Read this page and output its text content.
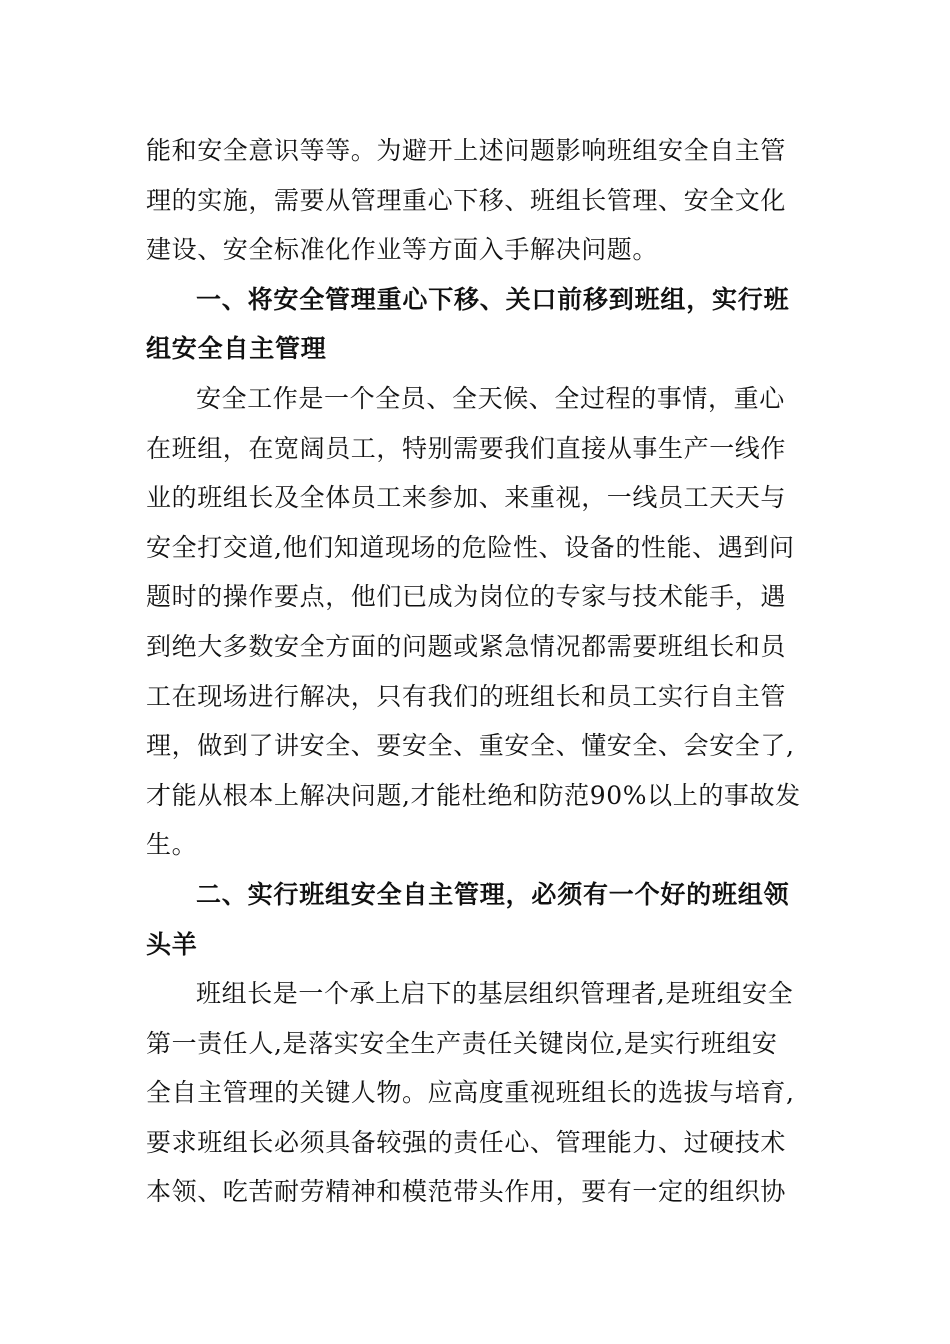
能和安全意识等等。为避开上述问题影响班组安全自主管
理的实施，需要从管理重心下移、班组长管理、安全文化
建设、安全标准化作业等方面入手解决问题。
一、将安全管理重心下移、关口前移到班组，实行班
组安全自主管理
安全工作是一个全员、全天候、全过程的事情，重心
在班组，在宽阔员工，特别需要我们直接从事生产一线作
业的班组长及全体员工来参加、来重视，一线员工天天与
安全打交道,他们知道现场的危险性、设备的性能、遇到问
题时的操作要点，他们已成为岗位的专家与技术能手，遇
到绝大多数安全方面的问题或紧急情况都需要班组长和员
工在现场进行解决，只有我们的班组长和员工实行自主管
理，做到了讲安全、要安全、重安全、懂安全、会安全了,
才能从根本上解决问题,才能杜绝和防范90%以上的事故发
生。
二、实行班组安全自主管理，必须有一个好的班组领
头羊
班组长是一个承上启下的基层组织管理者,是班组安全
第一责任人,是落实安全生产责任关键岗位,是实行班组安
全自主管理的关键人物。应高度重视班组长的选拔与培育,
要求班组长必须具备较强的责任心、管理能力、过硬技术
本领、吃苦耐劳精神和模范带头作用，要有一定的组织协
